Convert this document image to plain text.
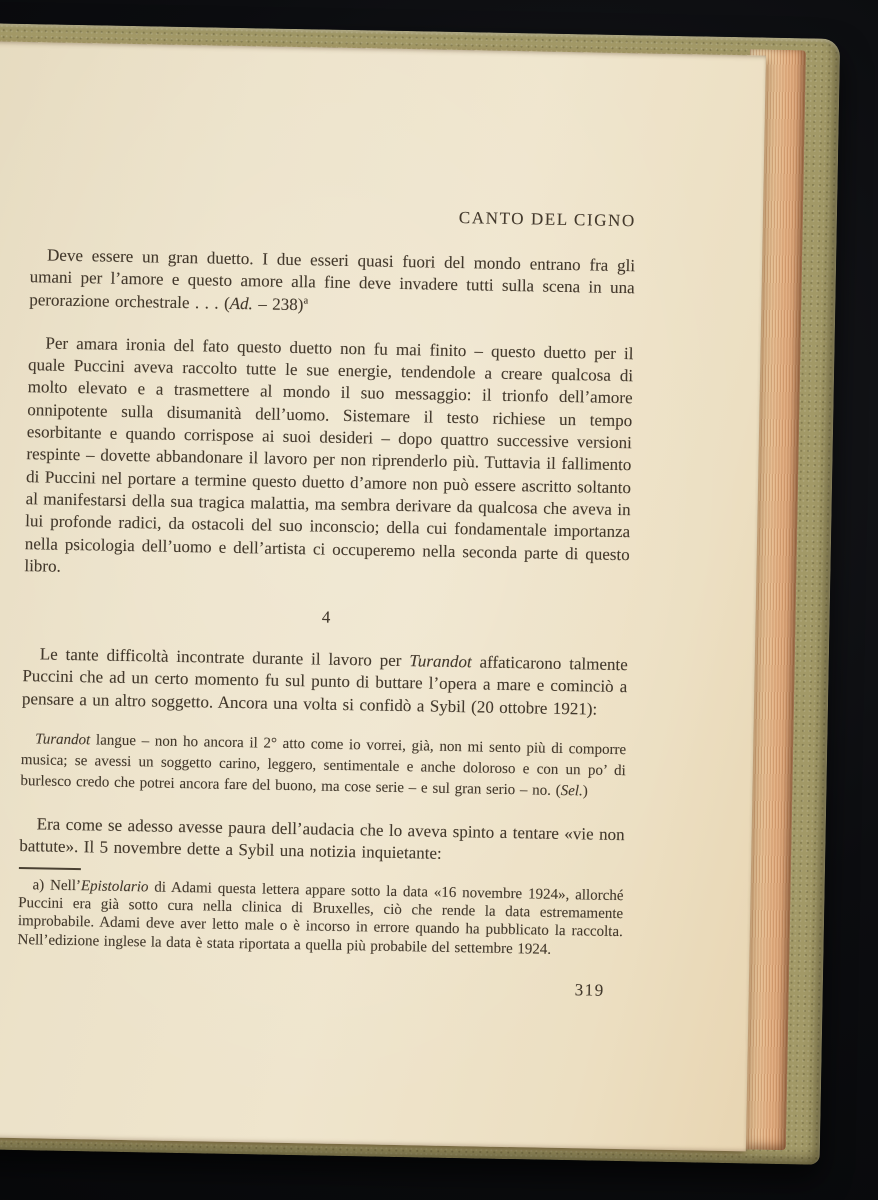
CANTO DEL CIGNO

Deve essere un gran duetto. I due esseri quasi fuori del mondo entrano fra gli umani per l’amore e questo amore alla fine deve invadere tutti sulla scena in una perorazione orchestrale . . . (Ad. – 238)$^a$

Per amara ironia del fato questo duetto non fu mai finito – questo duetto per il quale Puccini aveva raccolto tutte le sue energie, tendendole a creare qualcosa di molto elevato e a trasmettere al mondo il suo messaggio: il trionfo dell’amore onnipotente sulla disumanità dell’uomo. Sistemare il testo richiese un tempo esorbitante e quando corrispose ai suoi desideri – dopo quattro successive versioni respinte – dovette abbandonare il lavoro per non riprenderlo più. Tuttavia il fallimento di Puccini nel portare a termine questo duetto d’amore non può essere ascritto soltanto al manifestarsi della sua tragica malattia, ma sembra derivare da qualcosa che aveva in lui profonde radici, da ostacoli del suo inconscio; della cui fondamentale importanza nella psicologia dell’uomo e dell’artista ci occuperemo nella seconda parte di questo libro.

4

Le tante difficoltà incontrate durante il lavoro per Turandot affaticarono talmente Puccini che ad un certo momento fu sul punto di buttare l’opera a mare e cominciò a pensare a un altro soggetto. Ancora una volta si confidò a Sybil (20 ottobre 1921):

Turandot langue – non ho ancora il 2° atto come io vorrei, già, non mi sento più di comporre musica; se avessi un soggetto carino, leggero, sentimentale e anche doloroso e con un po’ di burlesco credo che potrei ancora fare del buono, ma cose serie – e sul gran serio – no. (Sel.)

Era come se adesso avesse paura dell’audacia che lo aveva spinto a tentare «vie non battute». Il 5 novembre dette a Sybil una notizia inquietante:

a) Nell’Epistolario di Adami questa lettera appare sotto la data «16 novembre 1924», allorché Puccini era già sotto cura nella clinica di Bruxelles, ciò che rende la data estremamente improbabile. Adami deve aver letto male o è incorso in errore quando ha pubblicato la raccolta. Nell’edizione inglese la data è stata riportata a quella più probabile del settembre 1924.

319
